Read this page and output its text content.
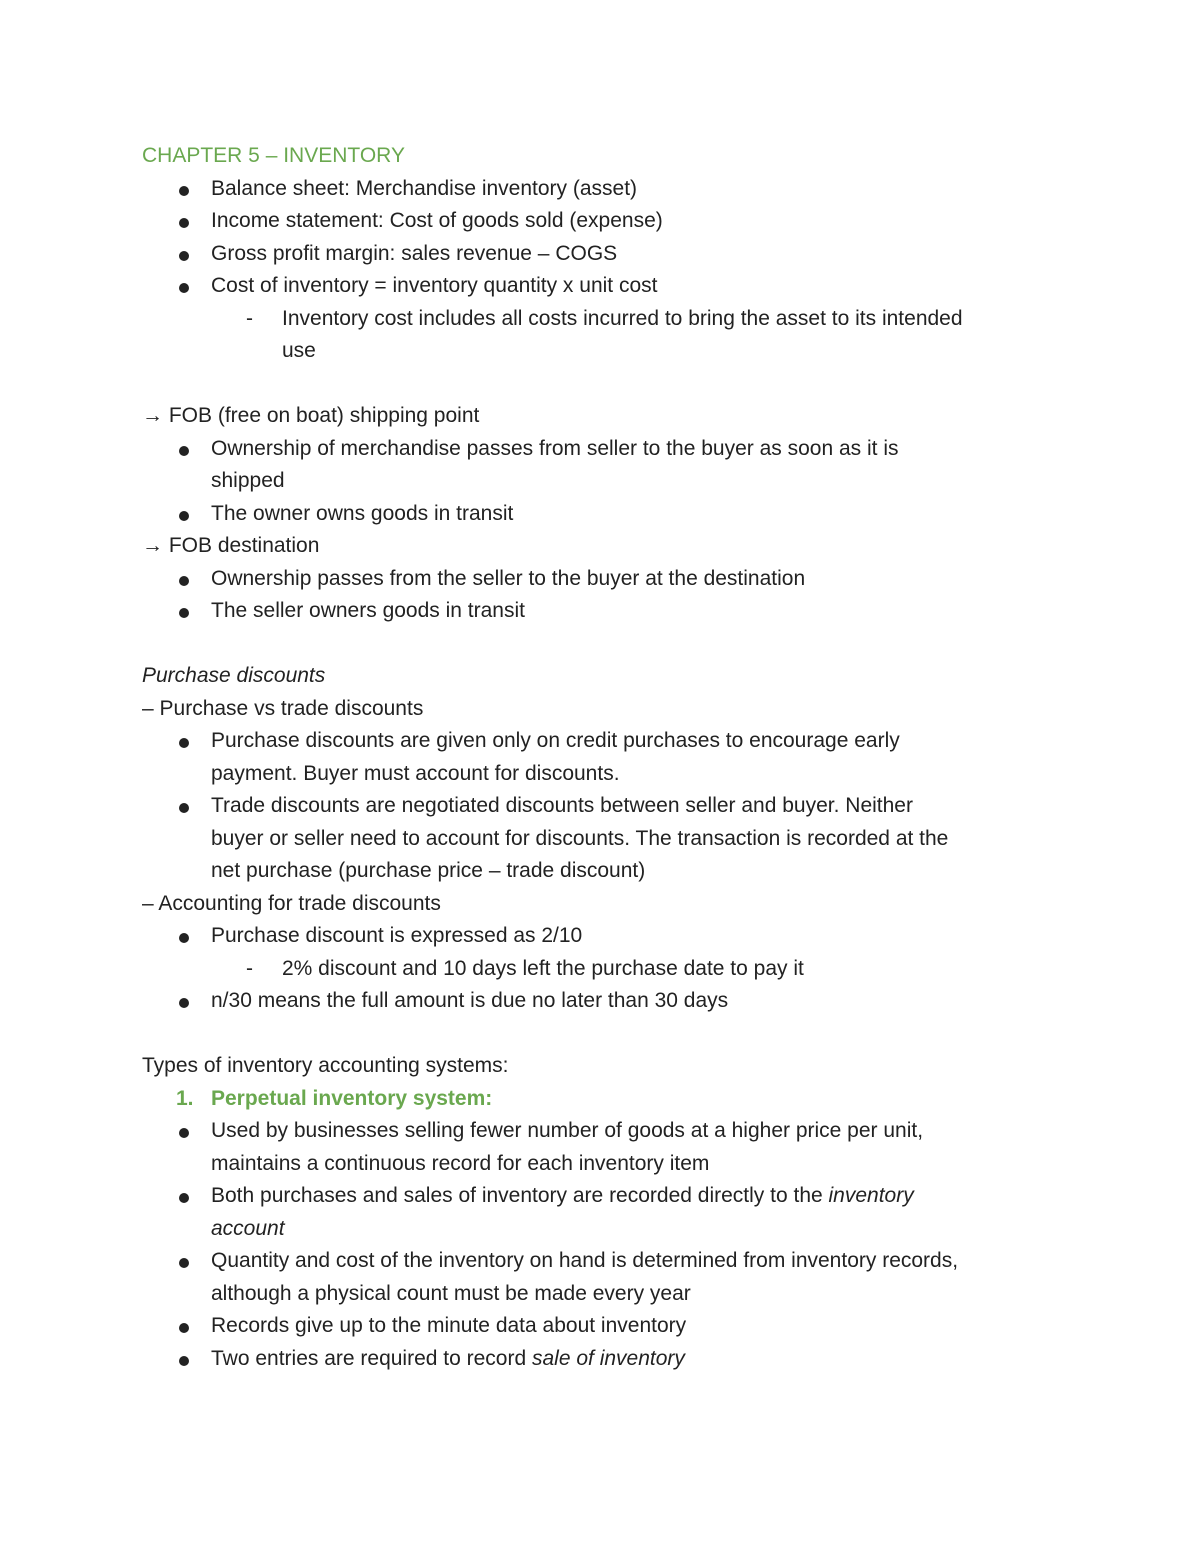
CHAPTER 5 – INVENTORY
Balance sheet: Merchandise inventory (asset)
Income statement: Cost of goods sold (expense)
Gross profit margin: sales revenue – COGS
Cost of inventory = inventory quantity x unit cost
- Inventory cost includes all costs incurred to bring the asset to its intended
use
→ FOB (free on boat) shipping point
Ownership of merchandise passes from seller to the buyer as soon as it is
shipped
The owner owns goods in transit
→ FOB destination
Ownership passes from the seller to the buyer at the destination
The seller owners goods in transit
Purchase discounts
– Purchase vs trade discounts
Purchase discounts are given only on credit purchases to encourage early
payment. Buyer must account for discounts.
Trade discounts are negotiated discounts between seller and buyer. Neither
buyer or seller need to account for discounts. The transaction is recorded at the
net purchase (purchase price – trade discount)
– Accounting for trade discounts
Purchase discount is expressed as 2/10
- 2% discount and 10 days left the purchase date to pay it
n/30 means the full amount is due no later than 30 days
Types of inventory accounting systems:
1. Perpetual inventory system:
Used by businesses selling fewer number of goods at a higher price per unit,
maintains a continuous record for each inventory item
Both purchases and sales of inventory are recorded directly to the inventory
account
Quantity and cost of the inventory on hand is determined from inventory records,
although a physical count must be made every year
Records give up to the minute data about inventory
Two entries are required to record sale of inventory
